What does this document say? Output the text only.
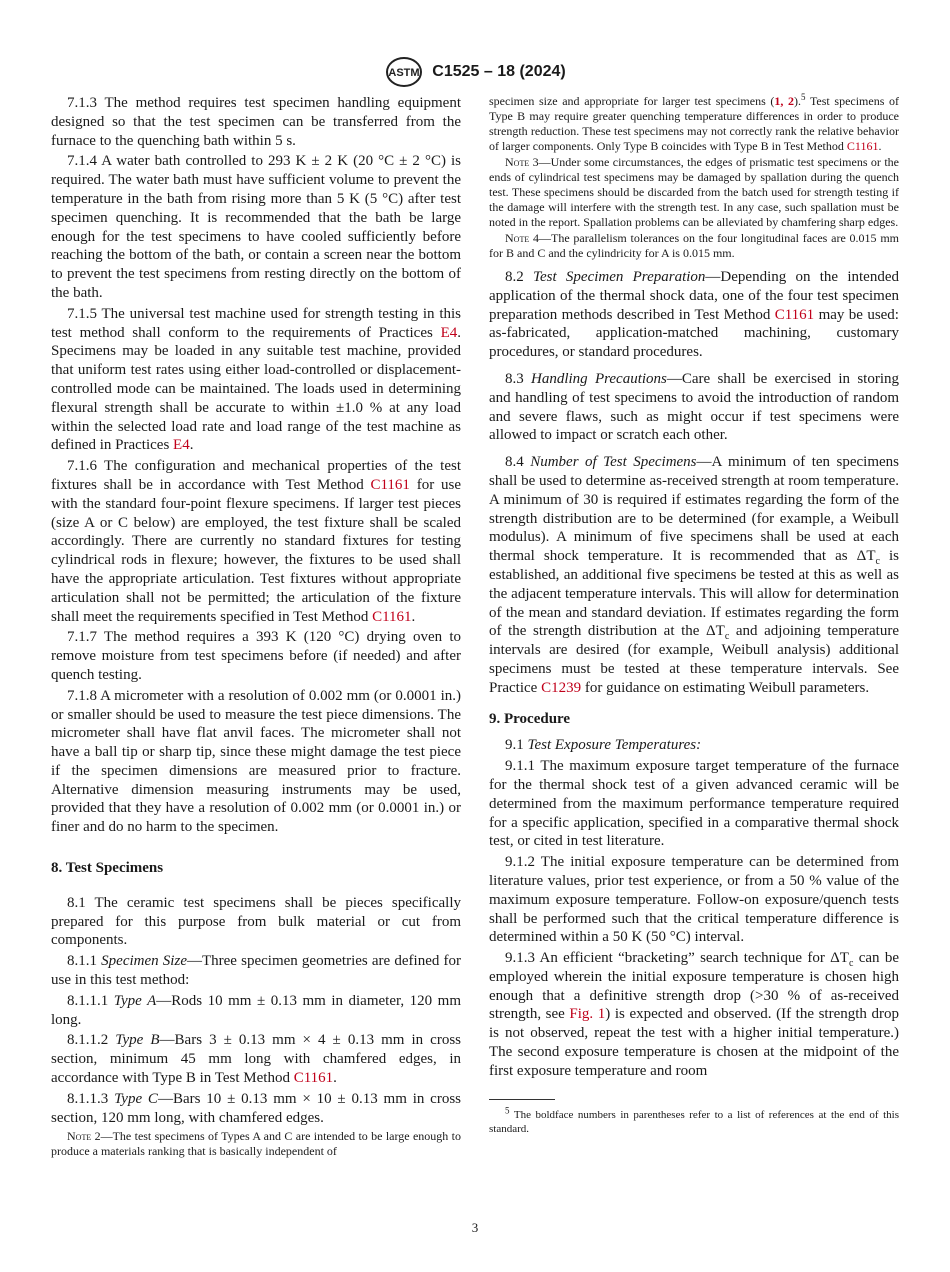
ASTM C1525 – 18 (2024)

7.1.3 The method requires test specimen handling equipment designed so that the test specimen can be transferred from the furnace to the quenching bath within 5 s.

7.1.4 A water bath controlled to 293 K ± 2 K (20 °C ± 2 °C) is required. The water bath must have sufficient volume to prevent the temperature in the bath from rising more than 5 K (5 °C) after test specimen quenching. It is recommended that the bath be large enough for the test specimens to have cooled sufficiently before reaching the bottom of the bath, or contain a screen near the bottom to prevent the test specimens from resting directly on the bottom of the bath.

7.1.5 The universal test machine used for strength testing in this test method shall conform to the requirements of Practices E4. Specimens may be loaded in any suitable test machine, provided that uniform test rates using either load-controlled or displacement-controlled mode can be maintained. The loads used in determining flexural strength shall be accurate to within ±1.0 % at any load within the selected load rate and load range of the test machine as defined in Practices E4.

7.1.6 The configuration and mechanical properties of the test fixtures shall be in accordance with Test Method C1161 for use with the standard four-point flexure specimens. If larger test pieces (size A or C below) are employed, the test fixture shall be scaled accordingly. There are currently no standard fixtures for testing cylindrical rods in flexure; however, the fixtures to be used shall have the appropriate articulation. Test fixtures without appropriate articulation shall not be permitted; the articulation of the fixture shall meet the requirements specified in Test Method C1161.

7.1.7 The method requires a 393 K (120 °C) drying oven to remove moisture from test specimens before (if needed) and after quench testing.

7.1.8 A micrometer with a resolution of 0.002 mm (or 0.0001 in.) or smaller should be used to measure the test piece dimensions. The micrometer shall have flat anvil faces. The micrometer shall not have a ball tip or sharp tip, since these might damage the test piece if the specimen dimensions are measured prior to fracture. Alternative dimension measuring instruments may be used, provided that they have a resolution of 0.002 mm (or 0.0001 in.) or finer and do no harm to the specimen.

8. Test Specimens

8.1 The ceramic test specimens shall be pieces specifically prepared for this purpose from bulk material or cut from components.

8.1.1 Specimen Size—Three specimen geometries are defined for use in this test method:

8.1.1.1 Type A—Rods 10 mm ± 0.13 mm in diameter, 120 mm long.

8.1.1.2 Type B—Bars 3 ± 0.13 mm × 4 ± 0.13 mm in cross section, minimum 45 mm long with chamfered edges, in accordance with Type B in Test Method C1161.

8.1.1.3 Type C—Bars 10 ± 0.13 mm × 10 ± 0.13 mm in cross section, 120 mm long, with chamfered edges.

Note 2—The test specimens of Types A and C are intended to be large enough to produce a materials ranking that is basically independent of

specimen size and appropriate for larger test specimens (1, 2).$^5$ Test specimens of Type B may require greater quenching temperature differences in order to produce strength reduction. These test specimens may not correctly rank the relative behavior of larger components. Only Type B coincides with Type B in Test Method C1161.

Note 3—Under some circumstances, the edges of prismatic test specimens or the ends of cylindrical test specimens may be damaged by spallation during the quench test. These specimens should be discarded from the batch used for strength testing if the damage will interfere with the strength test. In any case, such spallation must be noted in the report. Spallation problems can be alleviated by chamfering sharp edges.

Note 4—The parallelism tolerances on the four longitudinal faces are 0.015 mm for B and C and the cylindricity for A is 0.015 mm.

8.2 Test Specimen Preparation—Depending on the intended application of the thermal shock data, one of the four test specimen preparation methods described in Test Method C1161 may be used: as-fabricated, application-matched machining, customary procedures, or standard procedures.

8.3 Handling Precautions—Care shall be exercised in storing and handling of test specimens to avoid the introduction of random and severe flaws, such as might occur if test specimens were allowed to impact or scratch each other.

8.4 Number of Test Specimens—A minimum of ten specimens shall be used to determine as-received strength at room temperature. A minimum of 30 is required if estimates regarding the form of the strength distribution are to be determined (for example, a Weibull modulus). A minimum of five specimens shall be used at each thermal shock temperature. It is recommended that as $\Delta T_c$ is established, an additional five specimens be tested at this as well as the adjacent temperature intervals. This will allow for determination of the mean and standard deviation. If estimates regarding the form of the strength distribution at the $\Delta T_c$ and adjoining temperature intervals are desired (for example, Weibull analysis) additional specimens must be tested at these temperature intervals. See Practice C1239 for guidance on estimating Weibull parameters.

9. Procedure

9.1 Test Exposure Temperatures:

9.1.1 The maximum exposure target temperature of the furnace for the thermal shock test of a given advanced ceramic will be determined from the maximum performance temperature required for a specific application, specified in a comparative thermal shock test, or cited in test literature.

9.1.2 The initial exposure temperature can be determined from literature values, prior test experience, or from a 50 % value of the maximum exposure temperature. Follow-on exposure/quench tests shall be performed such that the critical temperature difference is determined within a 50 K (50 °C) interval.

9.1.3 An efficient “bracketing” search technique for $\Delta T_c$ can be employed wherein the initial exposure temperature is chosen high enough that a definitive strength drop (>30 % of as-received strength, see Fig. 1) is expected and observed. (If the strength drop is not observed, repeat the test with a higher initial temperature.) The second exposure temperature is chosen at the midpoint of the first exposure temperature and room

$^5$ The boldface numbers in parentheses refer to a list of references at the end of this standard.

3
